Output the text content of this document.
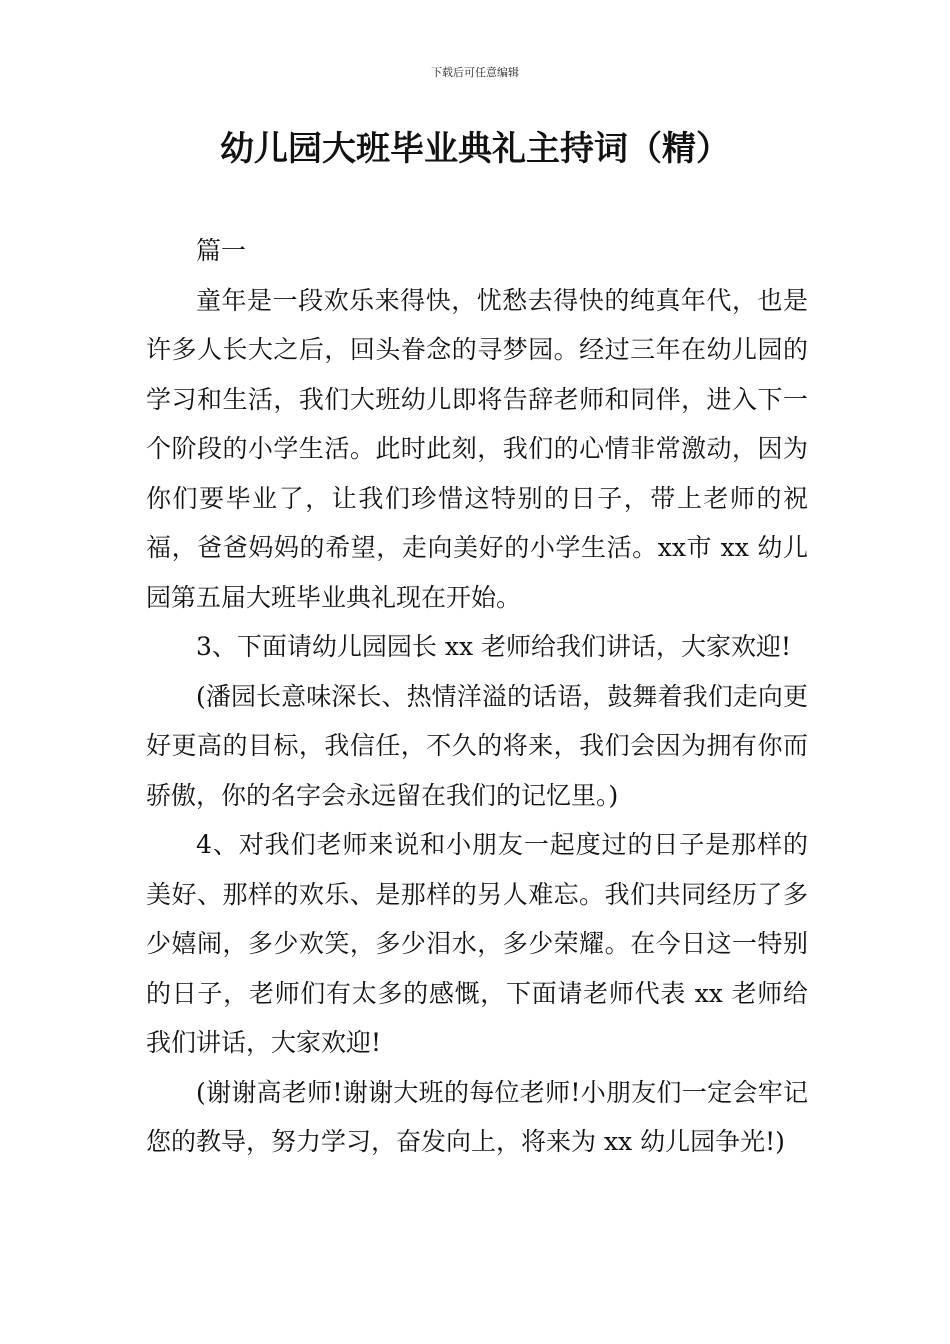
下载后可任意编辑
幼儿园大班毕业典礼主持词（精）

篇一

童年是一段欢乐来得快，忧愁去得快的纯真年代，也是许多人长大之后，回头眷念的寻梦园。经过三年在幼儿园的学习和生活，我们大班幼儿即将告辞老师和同伴，进入下一个阶段的小学生活。此时此刻，我们的心情非常激动，因为你们要毕业了，让我们珍惜这特别的日子，带上老师的祝福，爸爸妈妈的希望，走向美好的小学生活。xx市 xx 幼儿园第五届大班毕业典礼现在开始。

3、下面请幼儿园园长 xx 老师给我们讲话，大家欢迎!

(潘园长意味深长、热情洋溢的话语，鼓舞着我们走向更好更高的目标，我信任，不久的将来，我们会因为拥有你而骄傲，你的名字会永远留在我们的记忆里。)

4、对我们老师来说和小朋友一起度过的日子是那样的美好、那样的欢乐、是那样的另人难忘。我们共同经历了多少嬉闹，多少欢笑，多少泪水，多少荣耀。在今日这一特别的日子，老师们有太多的感慨，下面请老师代表 xx 老师给我们讲话，大家欢迎!

(谢谢高老师!谢谢大班的每位老师!小朋友们一定会牢记您的教导，努力学习，奋发向上，将来为 xx 幼儿园争光!)
